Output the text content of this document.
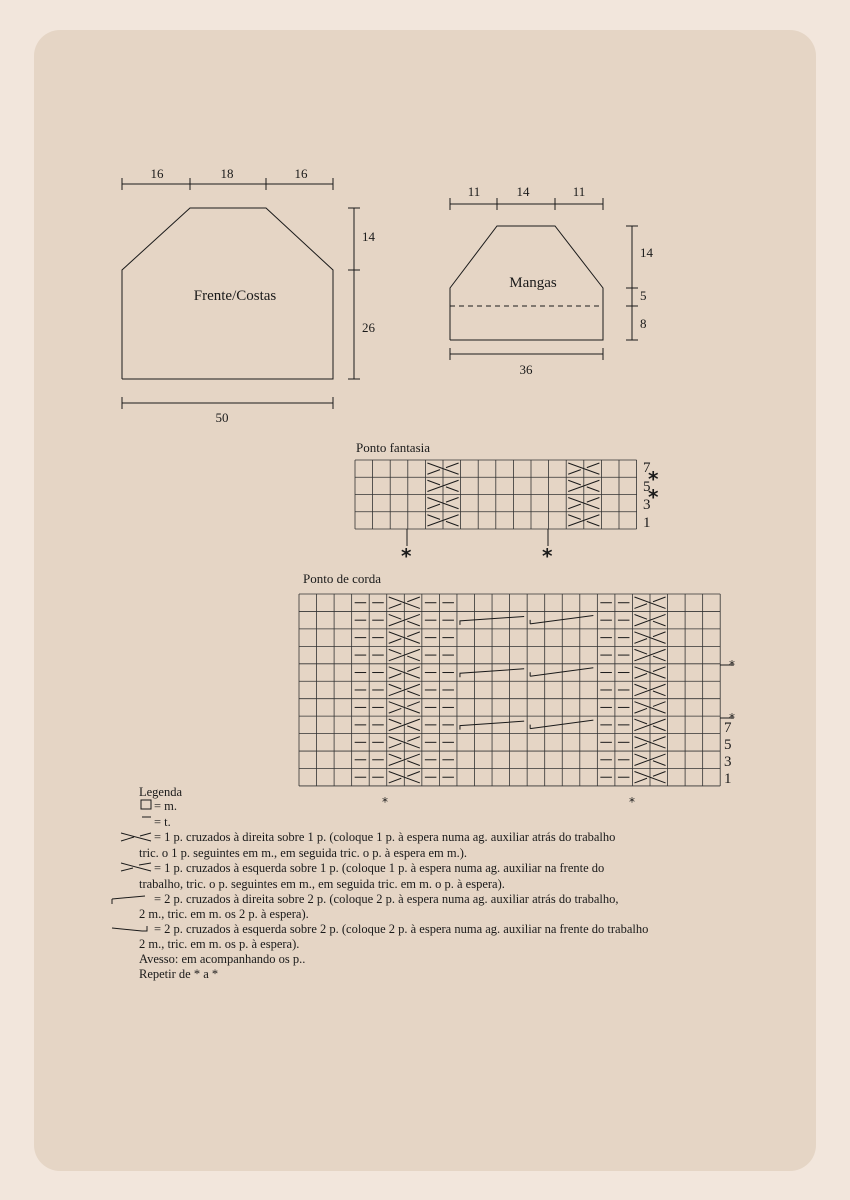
16	18	16
14
26
50
Frente/Costas
11	14	11
14
5
8
36
Mangas
Ponto fantasia
7
5
3
1
*
*
*	*
Ponto de corda
*
*
7
5
3
1
*	*
Legenda
= m.
= t.
= 1 p. cruzados à direita sobre 1 p. (coloque 1 p. à espera numa ag. auxiliar atrás do trabalho
tric. o 1 p. seguintes em m., em seguida tric. o p. à espera em m.).
= 1 p. cruzados à esquerda sobre 1 p. (coloque 1 p. à espera numa ag. auxiliar na frente do
trabalho, tric. o p. seguintes em m., em seguida tric. em m. o p. à espera).
= 2 p. cruzados à direita sobre 2 p. (coloque 2 p. à espera numa ag. auxiliar atrás do trabalho,
2 m., tric. em m. os 2 p. à espera).
= 2 p. cruzados à esquerda sobre 2 p. (coloque 2 p. à espera numa ag. auxiliar na frente do trabalho
2 m., tric. em m. os p. à espera).
Avesso: em acompanhando os p..
Repetir de * a *
